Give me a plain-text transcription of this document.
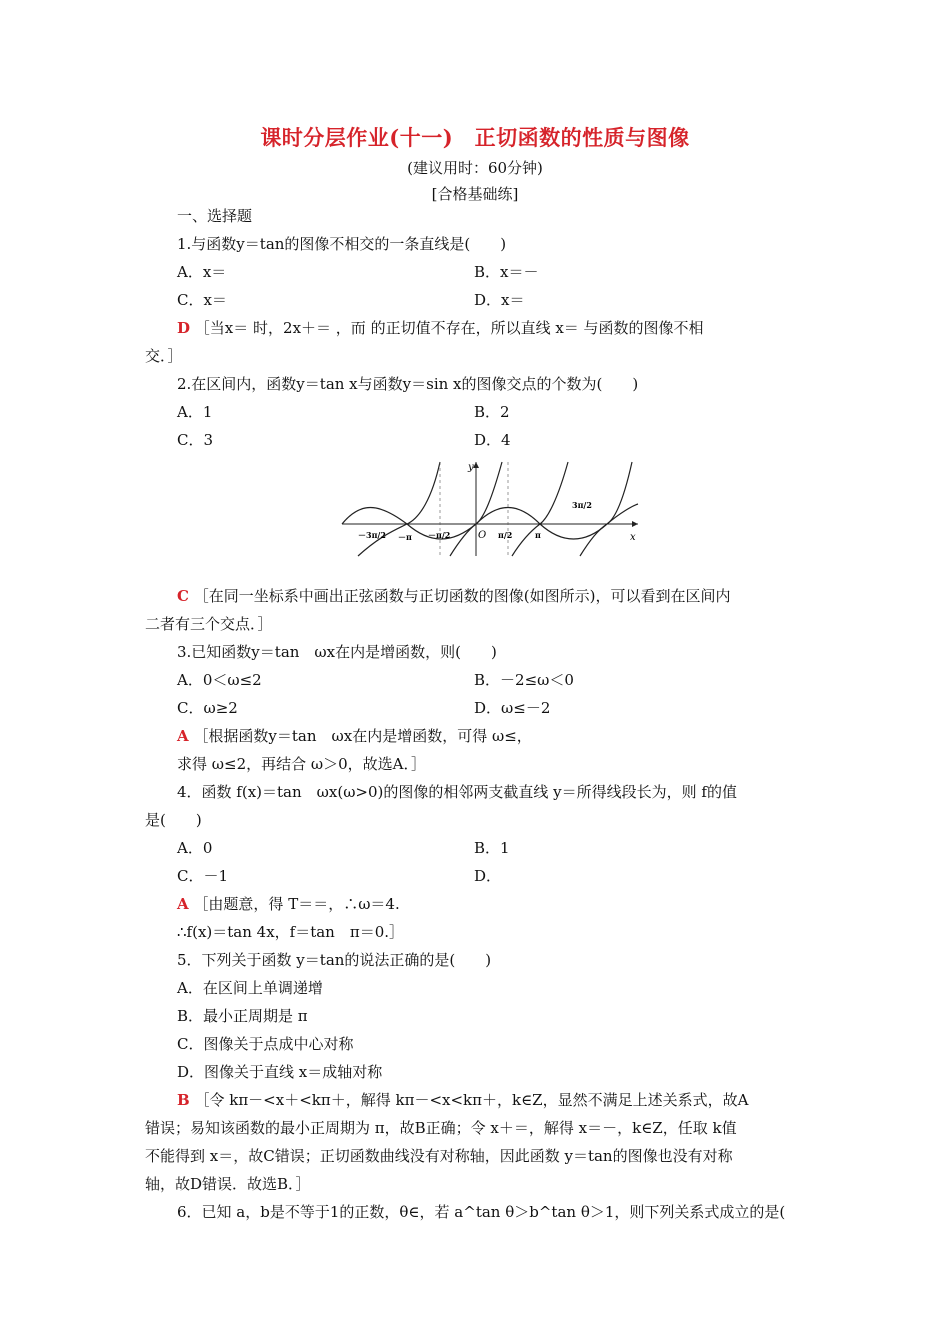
课时分层作业(十一)　正切函数的性质与图像
(建议用时：60分钟)
[合格基础练]
一、选择题
1.与函数y＝tan的图像不相交的一条直线是(　　)
A．x＝	B．x＝－
C．x＝	D．x＝
D ［当x＝ 时，2x＋＝ ，而 的正切值不存在，所以直线 x＝ 与函数的图像不相
交．］
2.在区间内，函数y＝tan x与函数y＝sin x的图像交点的个数为(　　)
A．1	B．2
C．3	D．4
y
x
O
－3π/2 －π －π/2	π/2	π
3π/2
C ［在同一坐标系中画出正弦函数与正切函数的图像(如图所示)，可以看到在区间内
二者有三个交点．］
3.已知函数y＝tan　ωx在内是增函数，则(　　)
A．0＜ω≤2	B．－2≤ω＜0
C．ω≥2	D．ω≤－2
A ［根据函数y＝tan　ωx在内是增函数，可得 ω≤，
求得 ω≤2，再结合 ω＞0，故选A．］
4．函数 f(x)＝tan　ωx(ω>0)的图像的相邻两支截直线 y＝所得线段长为，则 f的值
是(　　)
A．0	B．1
C．－1	D．
A ［由题意，得 T＝＝，∴ω＝4.
∴f(x)＝tan 4x，f＝tan　π＝0.］
5．下列关于函数 y＝tan的说法正确的是(　　)
A．在区间上单调递增
B．最小正周期是 π
C．图像关于点成中心对称
D．图像关于直线 x＝成轴对称
B ［令 kπ－<x＋<kπ＋，解得 kπ－<x<kπ＋，k∈Z，显然不满足上述关系式，故A
错误；易知该函数的最小正周期为 π，故B正确；令 x＋＝，解得 x＝－，k∈Z，任取 k值
不能得到 x＝，故C错误；正切函数曲线没有对称轴，因此函数 y＝tan的图像也没有对称
轴，故D错误．故选B．］
6．已知 a，b是不等于1的正数，θ∈，若 a^tan θ＞b^tan θ＞1，则下列关系式成立的是(
